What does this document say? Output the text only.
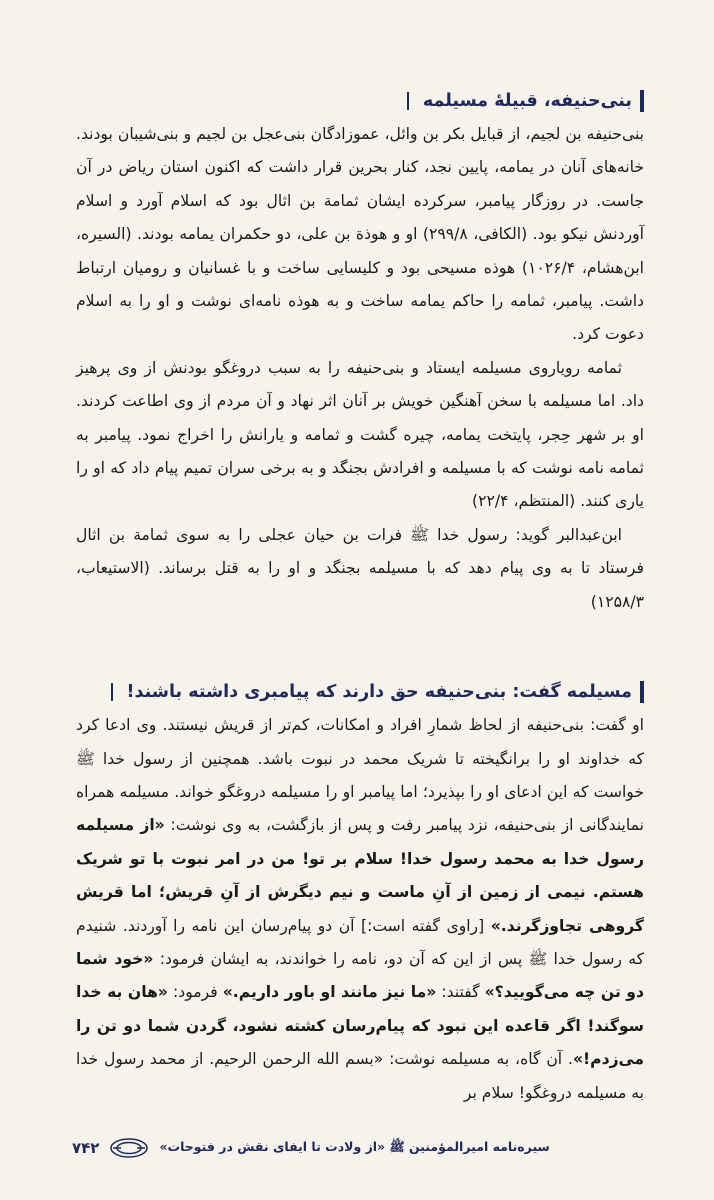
بنی‌حنیفه، قبیلهٔ مسیلمه

بنی‌حنیفه بن لجیم، از قبایل بکر بن وائل، عموزادگان بنی‌عجل بن لجیم و بنی‌شیبان بودند. خانه‌های آنان در یمامه، پایین نجد، کنار بحرین قرار داشت که اکنون استان ریاض در آن جاست. در روزگار پیامبر، سرکرده ایشان ثمامة بن اثال بود که اسلام آورد و اسلام آوردنش نیکو بود. (الکافی، ۲۹۹/۸) او و هوذة بن علی، دو حکمران یمامه بودند. (السیره، ابن‌هشام، ۱۰۲۶/۴) هوذه مسیحی بود و کلیسایی ساخت و با غسانیان و رومیان ارتباط داشت. پیامبر، ثمامه را حاکم یمامه ساخت و به هوذه نامه‌ای نوشت و او را به اسلام دعوت کرد.

ثمامه رویاروی مسیلمه ایستاد و بنی‌حنیفه را به سبب دروغگو بودنش از وی پرهیز داد. اما مسیلمه با سخن آهنگین خویش بر آنان اثر نهاد و آن مردم از وی اطاعت کردند. او بر شهر حِجر، پایتخت یمامه، چیره گشت و ثمامه و یارانش را اخراج نمود. پیامبر به ثمامه نامه نوشت که با مسیلمه و افرادش بجنگد و به برخی سران تمیم پیام داد که او را یاری کنند. (المنتظم، ۲۲/۴)

ابن‌عبدالبر گوید: رسول خدا ﷺ فرات بن حیان عجلی را به سوی ثمامة بن اثال فرستاد تا به وی پیام دهد که با مسیلمه بجنگد و او را به قتل برساند. (الاستیعاب، ۱۲۵۸/۳)

مسیلمه گفت: بنی‌حنیفه حق دارند که پیامبری داشته باشند!

او گفت: بنی‌حنیفه از لحاظ شمارِ افراد و امکانات، کم‌تر از قریش نیستند. وی ادعا کرد که خداوند او را برانگیخته تا شریک محمد در نبوت باشد. همچنین از رسول خدا ﷺ خواست که این ادعای او را بپذیرد؛ اما پیامبر او را مسیلمه دروغگو خواند. مسیلمه همراه نمایندگانی از بنی‌حنیفه، نزد پیامبر رفت و پس از بازگشت، به وی نوشت: «از مسیلمه رسول خدا به محمد رسول خدا! سلام بر تو! من در امر نبوت با تو شریک هستم. نیمی از زمین از آنِ ماست و نیم دیگرش از آنِ قریش؛ اما قریش گروهی تجاوزگرند.» [راوی گفته است:] آن دو پیام‌رسان این نامه را آوردند. شنیدم که رسول خدا ﷺ پس از این که آن دو، نامه را خواندند، به ایشان فرمود: «خود شما دو تن چه می‌گویید؟» گفتند: «ما نیز مانند او باور داریم.» فرمود: «هان به خدا سوگند! اگر قاعده این نبود که پیام‌رسان کشته نشود، گردن شما دو تن را می‌زدم!». آن گاه، به مسیلمه نوشت: «بسم الله الرحمن الرحیم. از محمد رسول خدا به مسیلمه دروغگو! سلام بر

۷۴۲	سیره‌نامه امیرالمؤمنین ﷺ «از ولادت تا ایفای نقش در فتوحات»
